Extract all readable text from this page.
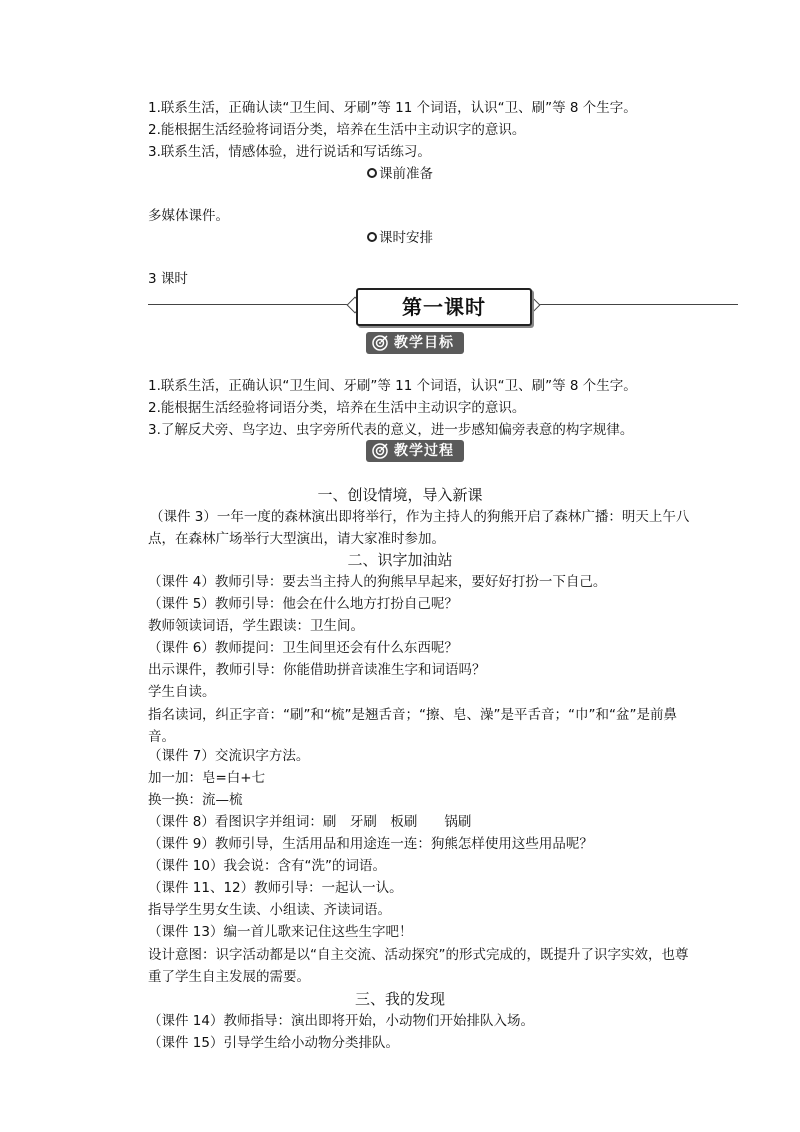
1.联系生活，正确认读“卫生间、牙刷”等 11 个词语，认识“卫、刷”等 8 个生字。

2.能根据生活经验将词语分类，培养在生活中主动识字的意识。

3.联系生活，情感体验，进行说话和写话练习。

课前准备

多媒体课件。

课时安排

3 课时

第一课时
教学目标

1.联系生活，正确认识“卫生间、牙刷”等 11 个词语，认识“卫、刷”等 8 个生字。

2.能根据生活经验将词语分类，培养在生活中主动识字的意识。

3.了解反犬旁、鸟字边、虫字旁所代表的意义，进一步感知偏旁表意的构字规律。

教学过程
一、创设情境，导入新课

（课件 3）一年一度的森林演出即将举行，作为主持人的狗熊开启了森林广播：明天上午八点，在森林广场举行大型演出，请大家准时参加。

二、识字加油站

（课件 4）教师引导：要去当主持人的狗熊早早起来，要好好打扮一下自己。

（课件 5）教师引导：他会在什么地方打扮自己呢？

教师领读词语，学生跟读：卫生间。

（课件 6）教师提问：卫生间里还会有什么东西呢？

出示课件，教师引导：你能借助拼音读准生字和词语吗？

学生自读。

指名读词，纠正字音：“刷”和“梳”是翘舌音；“擦、皂、澡”是平舌音；“巾”和“盆”是前鼻音。

（课件 7）交流识字方法。

加一加：皂=白+七

换一换：流—梳

（课件 8）看图识字并组词：刷　牙刷　板刷　　锅刷

（课件 9）教师引导，生活用品和用途连一连：狗熊怎样使用这些用品呢？

（课件 10）我会说：含有“洗”的词语。

（课件 11、12）教师引导：一起认一认。

指导学生男女生读、小组读、齐读词语。

（课件 13）编一首儿歌来记住这些生字吧！

设计意图：识字活动都是以“自主交流、活动探究”的形式完成的，既提升了识字实效，也尊重了学生自主发展的需要。

三、我的发现

（课件 14）教师指导：演出即将开始，小动物们开始排队入场。

（课件 15）引导学生给小动物分类排队。
